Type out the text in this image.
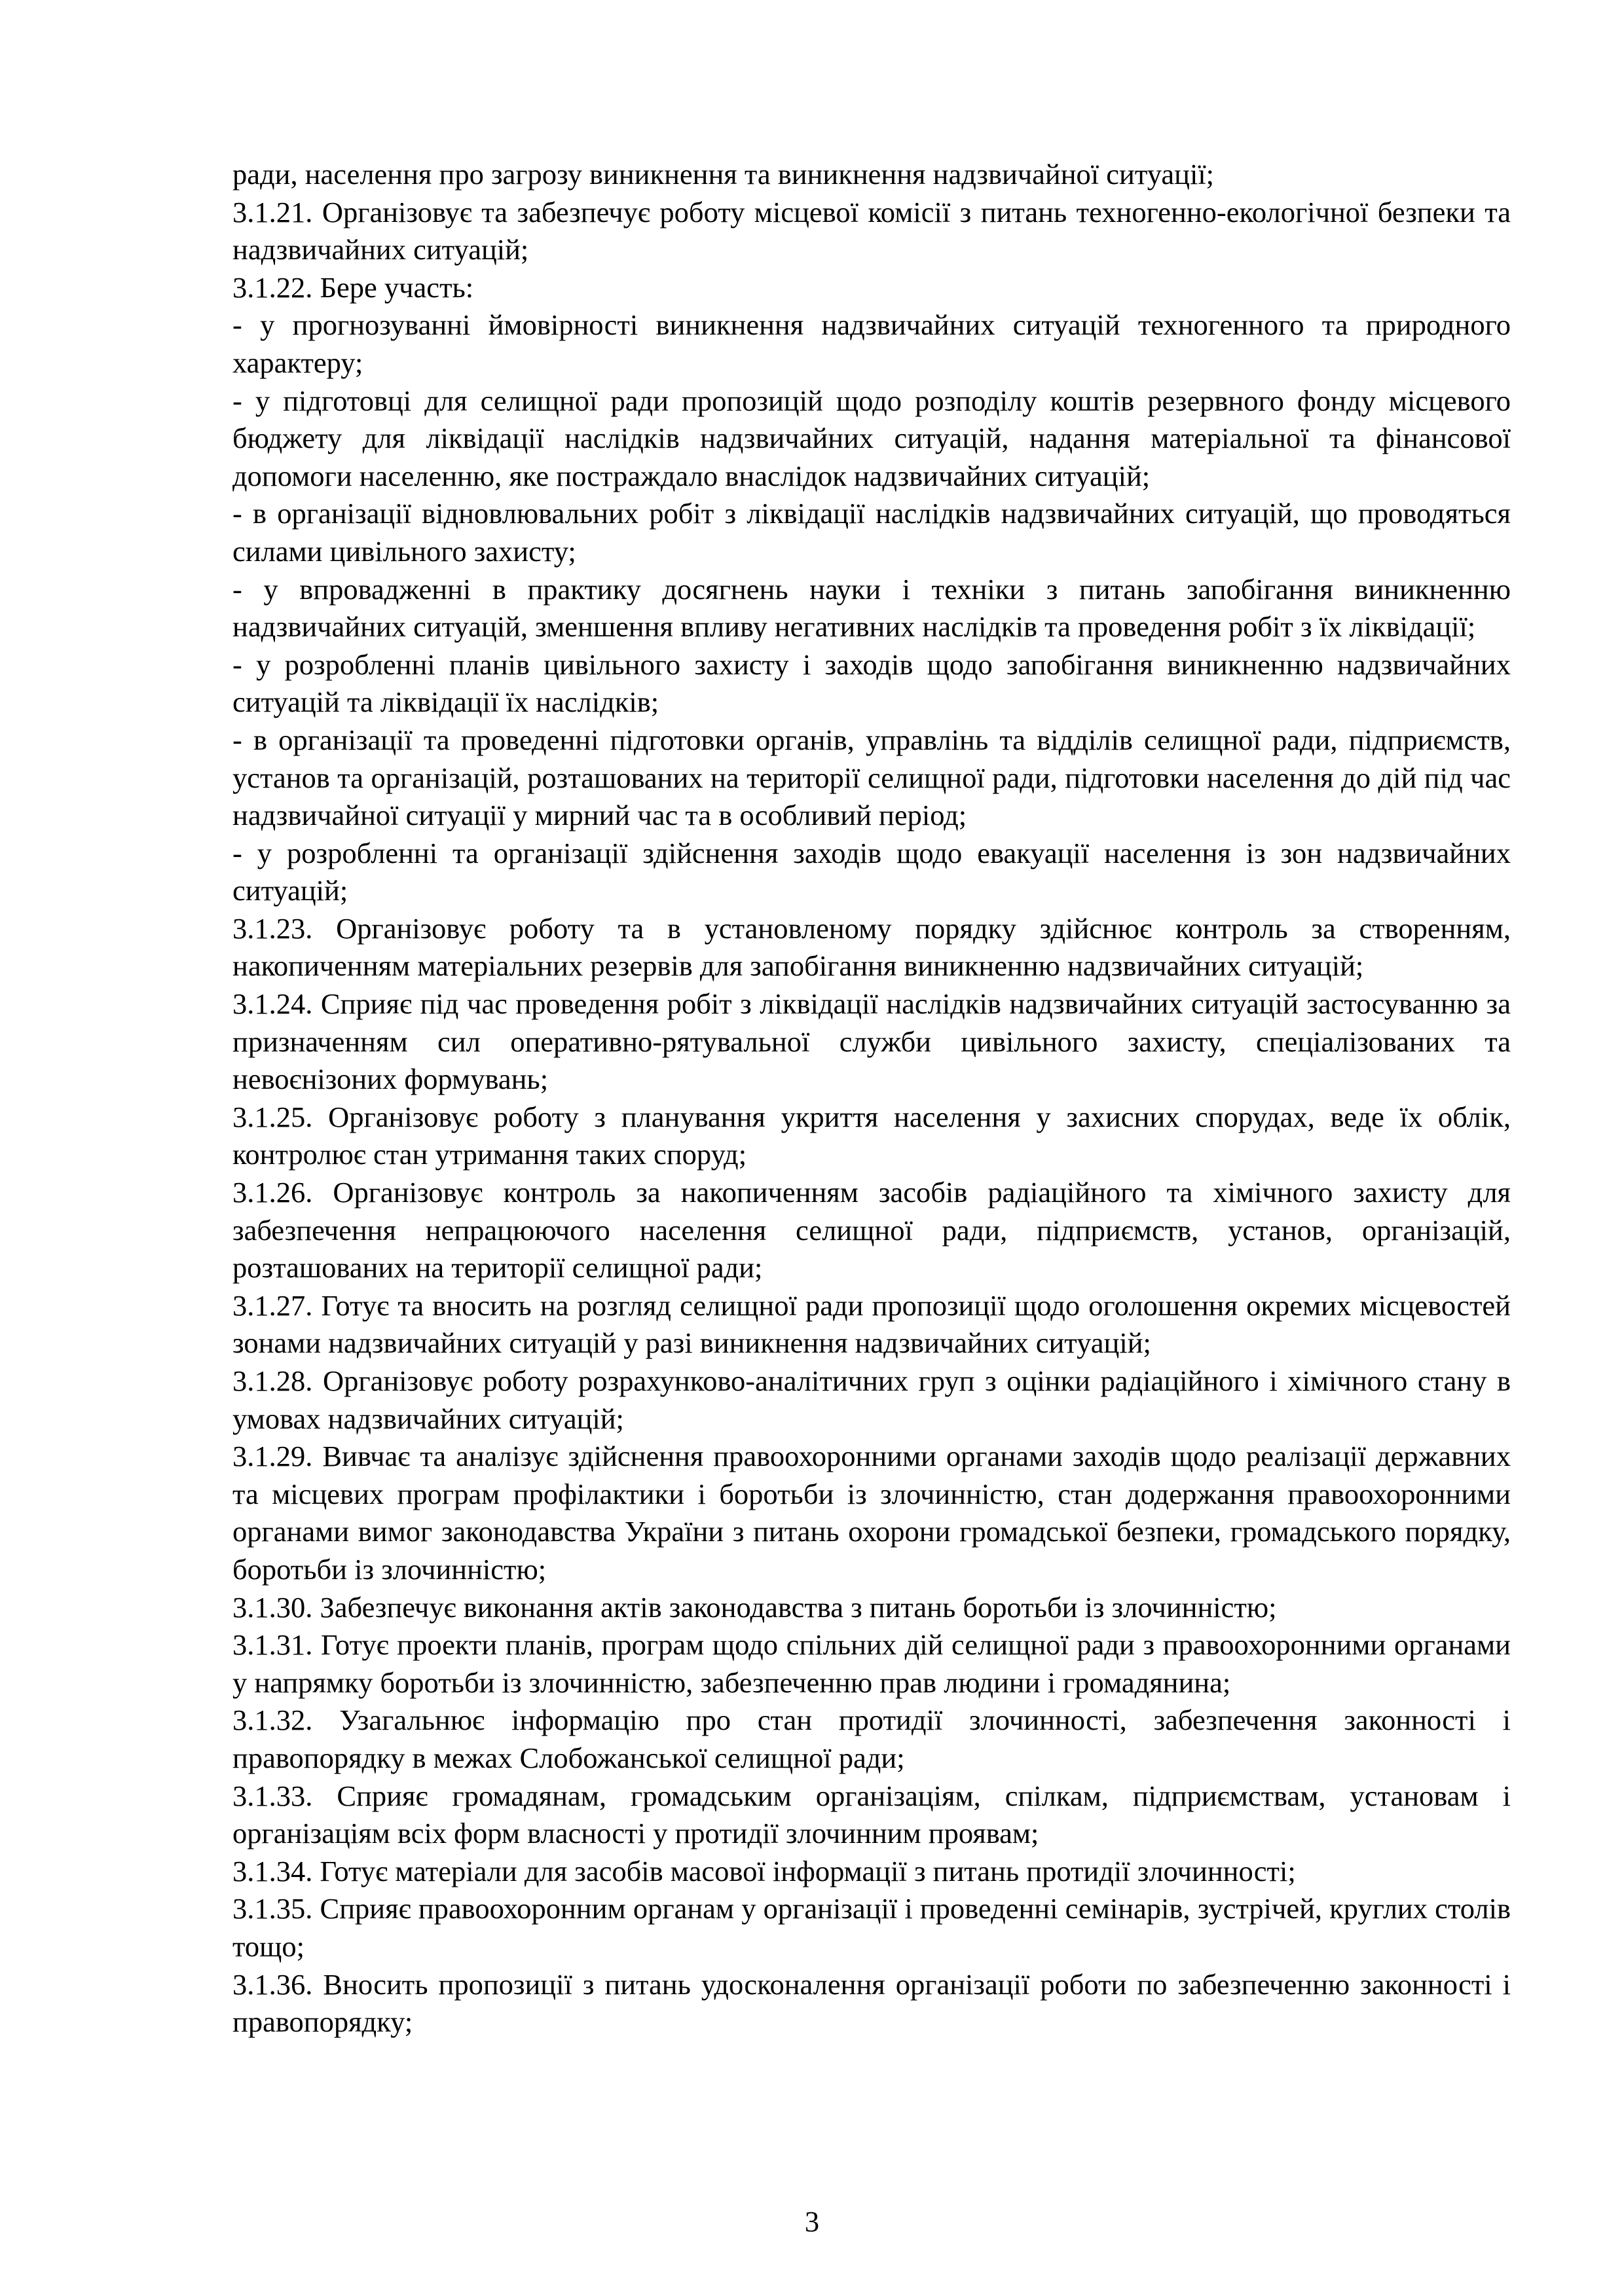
ради, населення про загрозу виникнення та виникнення надзвичайної ситуації;

3.1.21. Організовує та забезпечує роботу місцевої комісії з питань техногенно-екологічної безпеки та надзвичайних ситуацій;

3.1.22. Бере участь:

- у прогнозуванні ймовірності виникнення надзвичайних ситуацій техногенного та природного характеру;

- у підготовці для селищної ради пропозицій щодо розподілу коштів резервного фонду місцевого бюджету для ліквідації наслідків надзвичайних ситуацій, надання матеріальної та фінансової допомоги населенню, яке постраждало внаслідок надзвичайних ситуацій;

- в організації відновлювальних робіт з ліквідації наслідків надзвичайних ситуацій, що проводяться силами цивільного захисту;

- у впровадженні в практику досягнень науки і техніки з питань запобігання виникненню надзвичайних ситуацій, зменшення впливу негативних наслідків та проведення робіт з їх ліквідації;

- у розробленні планів цивільного захисту і заходів щодо запобігання виникненню надзвичайних ситуацій та ліквідації їх наслідків;

- в організації та проведенні підготовки органів, управлінь та відділів селищної ради, підприємств, установ та організацій, розташованих на території селищної ради, підготовки населення до дій під час надзвичайної ситуації у мирний час та в особливий період;

- у розробленні та організації здійснення заходів щодо евакуації населення із зон надзвичайних ситуацій;

3.1.23. Організовує роботу та в установленому порядку здійснює контроль за створенням, накопиченням матеріальних резервів для запобігання виникненню надзвичайних ситуацій;

3.1.24. Сприяє під час проведення робіт з ліквідації наслідків надзвичайних ситуацій застосуванню за призначенням сил оперативно-рятувальної служби цивільного захисту, спеціалізованих та невоєнізоних формувань;

3.1.25. Організовує роботу з планування укриття населення у захисних спорудах, веде їх облік, контролює стан утримання таких споруд;

3.1.26. Організовує контроль за накопиченням засобів радіаційного та хімічного захисту для забезпечення непрацюючого населення селищної ради, підприємств, установ, організацій, розташованих на території селищної ради;

3.1.27. Готує та вносить на розгляд селищної ради пропозиції щодо оголошення окремих місцевостей зонами надзвичайних ситуацій у разі виникнення надзвичайних ситуацій;

3.1.28. Організовує роботу розрахунково-аналітичних груп з оцінки радіаційного і хімічного стану в умовах надзвичайних ситуацій;

3.1.29. Вивчає та аналізує здійснення правоохоронними органами заходів щодо реалізації державних та місцевих програм профілактики і боротьби із злочинністю, стан додержання правоохоронними органами вимог законодавства України з питань охорони громадської безпеки, громадського порядку, боротьби із злочинністю;

3.1.30. Забезпечує виконання актів законодавства з питань боротьби із злочинністю;

3.1.31. Готує проекти планів, програм щодо спільних дій селищної ради з правоохоронними органами у напрямку боротьби із злочинністю, забезпеченню прав людини і громадянина;

3.1.32. Узагальнює інформацію про стан протидії злочинності, забезпечення законності і правопорядку в межах Слобожанської селищної ради;

3.1.33. Сприяє громадянам, громадським організаціям, спілкам, підприємствам, установам і організаціям всіх форм власності у протидії злочинним проявам;

3.1.34. Готує матеріали для засобів масової інформації з питань протидії злочинності;

3.1.35. Сприяє правоохоронним органам у організації і проведенні семінарів, зустрічей, круглих столів тощо;

3.1.36. Вносить пропозиції з питань удосконалення організації роботи по забезпеченню законності і правопорядку;

3
